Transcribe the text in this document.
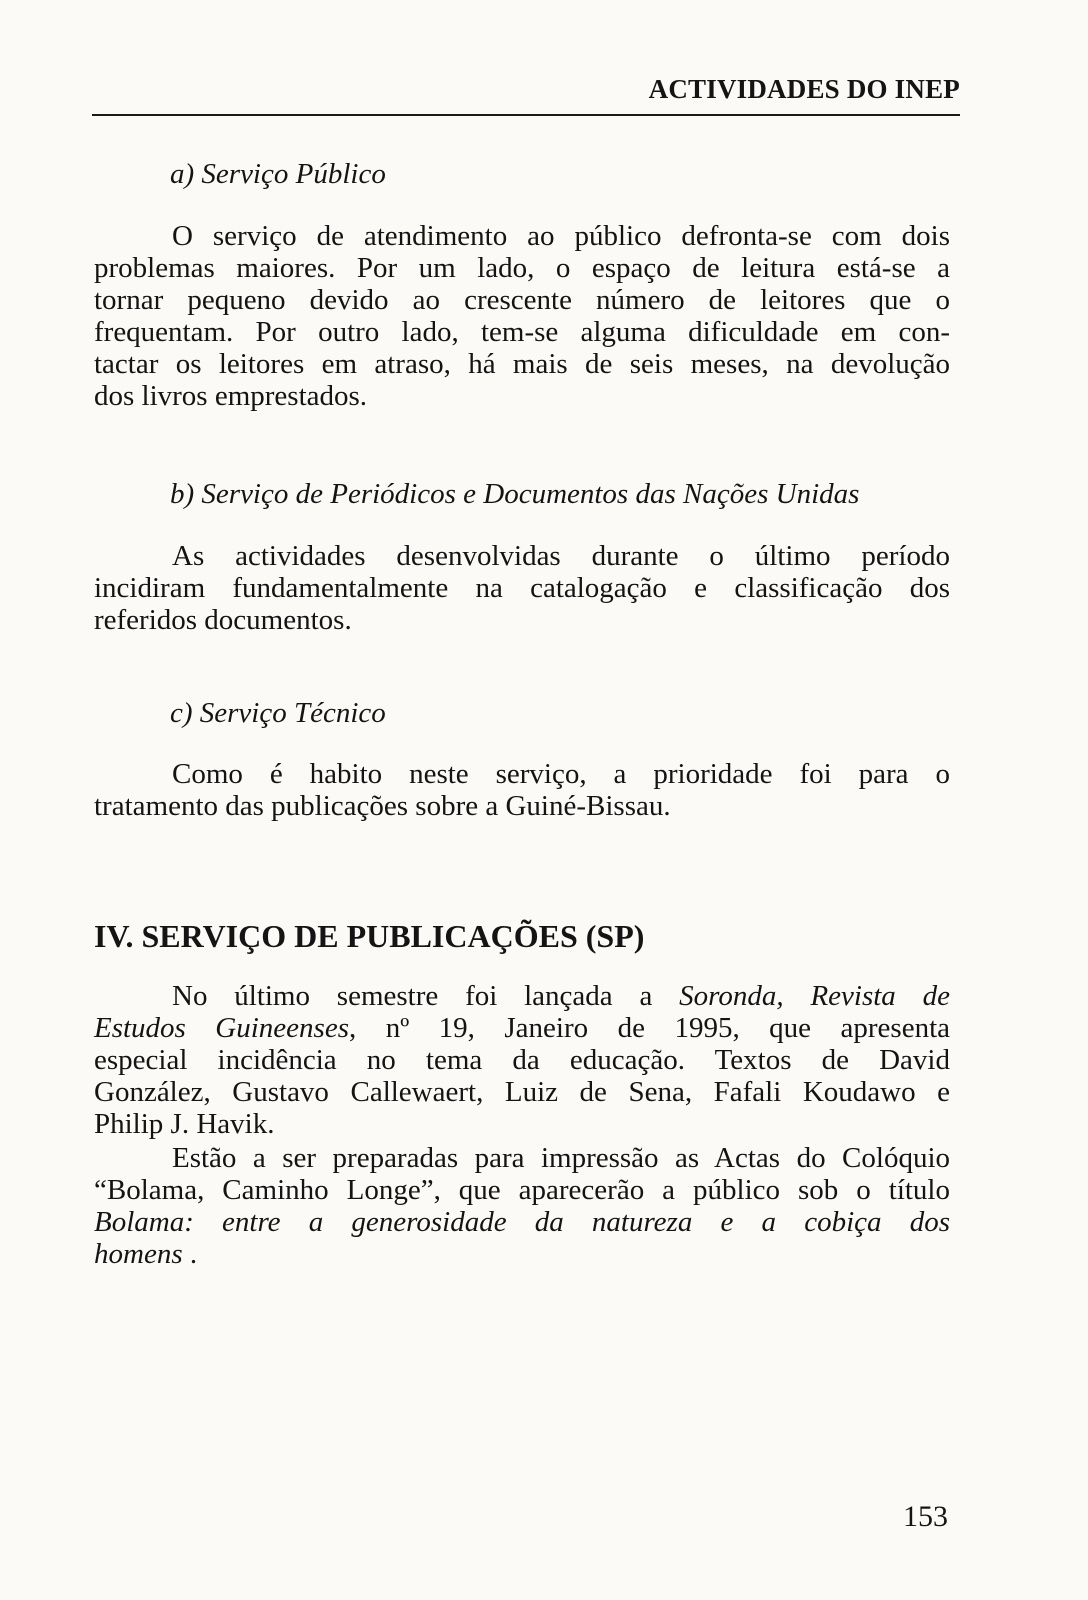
ACTIVIDADES DO INEP
a) Serviço Público
O serviço de atendimento ao público defronta-se com dois
problemas maiores. Por um lado, o espaço de leitura está-se a
tornar pequeno devido ao crescente número de leitores que o
frequentam. Por outro lado, tem-se alguma dificuldade em con-
tactar os leitores em atraso, há mais de seis meses, na devolução
dos livros emprestados.
b) Serviço de Periódicos e Documentos das Nações Unidas
As actividades desenvolvidas durante o último período
incidiram fundamentalmente na catalogação e classificação dos
referidos documentos.
c) Serviço Técnico
Como é habito neste serviço, a prioridade foi para o
tratamento das publicações sobre a Guiné-Bissau.
IV. SERVIÇO DE PUBLICAÇÕES (SP)
No último semestre foi lançada a Soronda, Revista de
Estudos Guineenses, nº 19, Janeiro de 1995, que apresenta
especial incidência no tema da educação. Textos de David
González, Gustavo Callewaert, Luiz de Sena, Fafali Koudawo e
Philip J. Havik.
Estão a ser preparadas para impressão as Actas do Colóquio
“Bolama, Caminho Longe”, que aparecerão a público sob o título
Bolama: entre a generosidade da natureza e a cobiça dos
homens .
153
